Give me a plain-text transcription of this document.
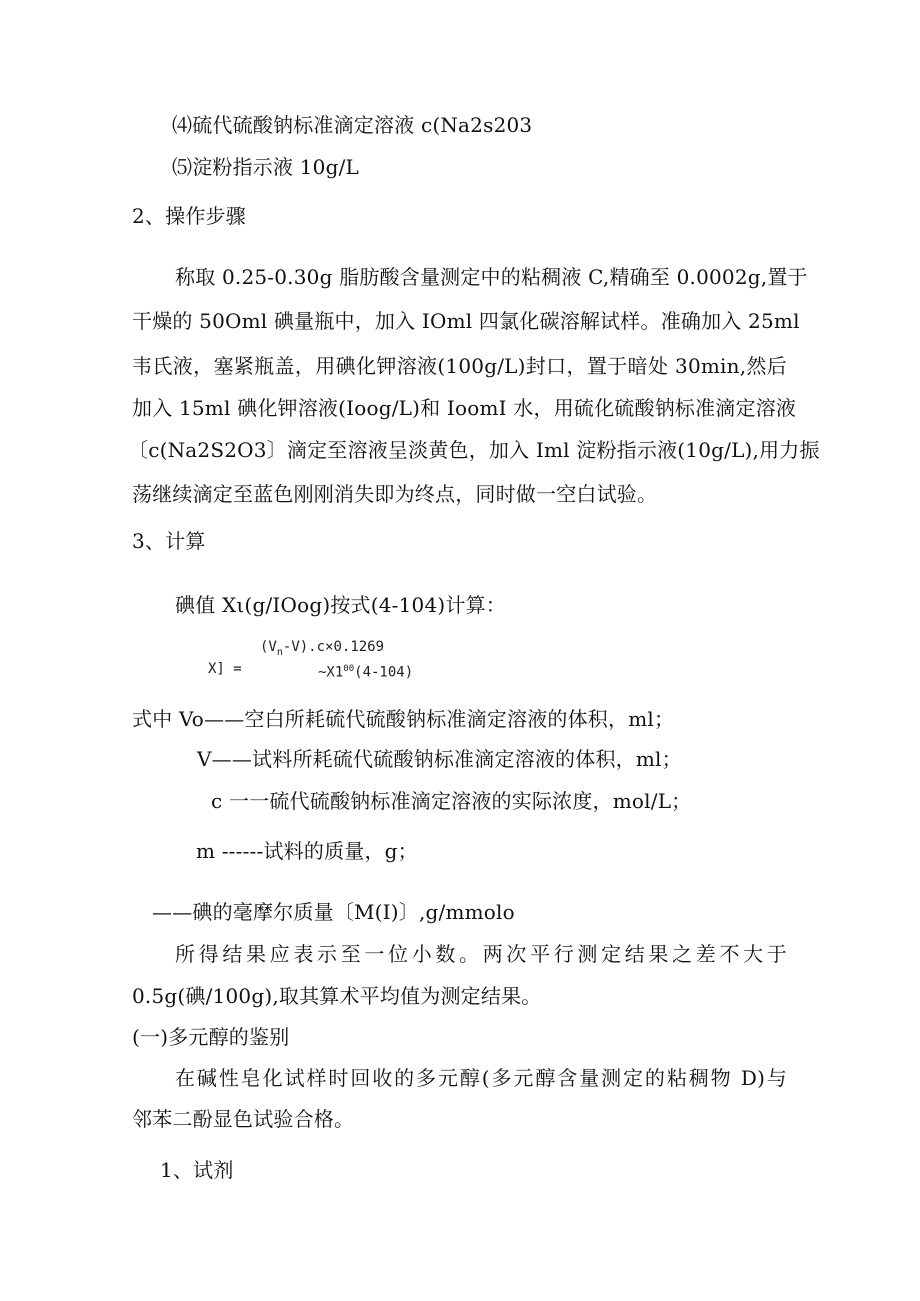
⑷硫代硫酸钠标准滴定溶液 c(Na2s203
⑸淀粉指示液 10g∕L
2、操作步骤
称取 0.25-0.30g 脂肪酸含量测定中的粘稠液 C,精确至 0.0002g,置于
干燥的 50Oml 碘量瓶中，加入 IOml 四氯化碳溶解试样。准确加入 25ml
韦氏液，塞紧瓶盖，用碘化钾溶液(100g/L)封口，置于暗处 30min,然后
加入 15ml 碘化钾溶液(Ioog/L)和 IoomI 水，用硫化硫酸钠标准滴定溶液
〔c(Na2S2O3〕滴定至溶液呈淡黄色，加入 Iml 淀粉指示液(10g∕L),用力振
荡继续滴定至蓝色刚刚消失即为终点，同时做一空白试验。
3、计算
碘值 Xι(g∕IOog)按式(4-104)计算：
X] =
$(V_n-V).c\times 0.1269$
$\sim X1^{00}(4-104)$
式中 Vo——空白所耗硫代硫酸钠标准滴定溶液的体积，ml；
V——试料所耗硫代硫酸钠标准滴定溶液的体积，ml；
c 一一硫代硫酸钠标准滴定溶液的实际浓度，mol/L；
m ------试料的质量，g；
——碘的毫摩尔质量〔M(I)〕,g/mmolo
所得结果应表示至一位小数。两次平行测定结果之差不大于
0.5g(碘∕100g),取其算术平均值为测定结果。
(一)多元醇的鉴别
在碱性皂化试样时回收的多元醇(多元醇含量测定的粘稠物 D)与
邻苯二酚显色试验合格。
1、试剂
